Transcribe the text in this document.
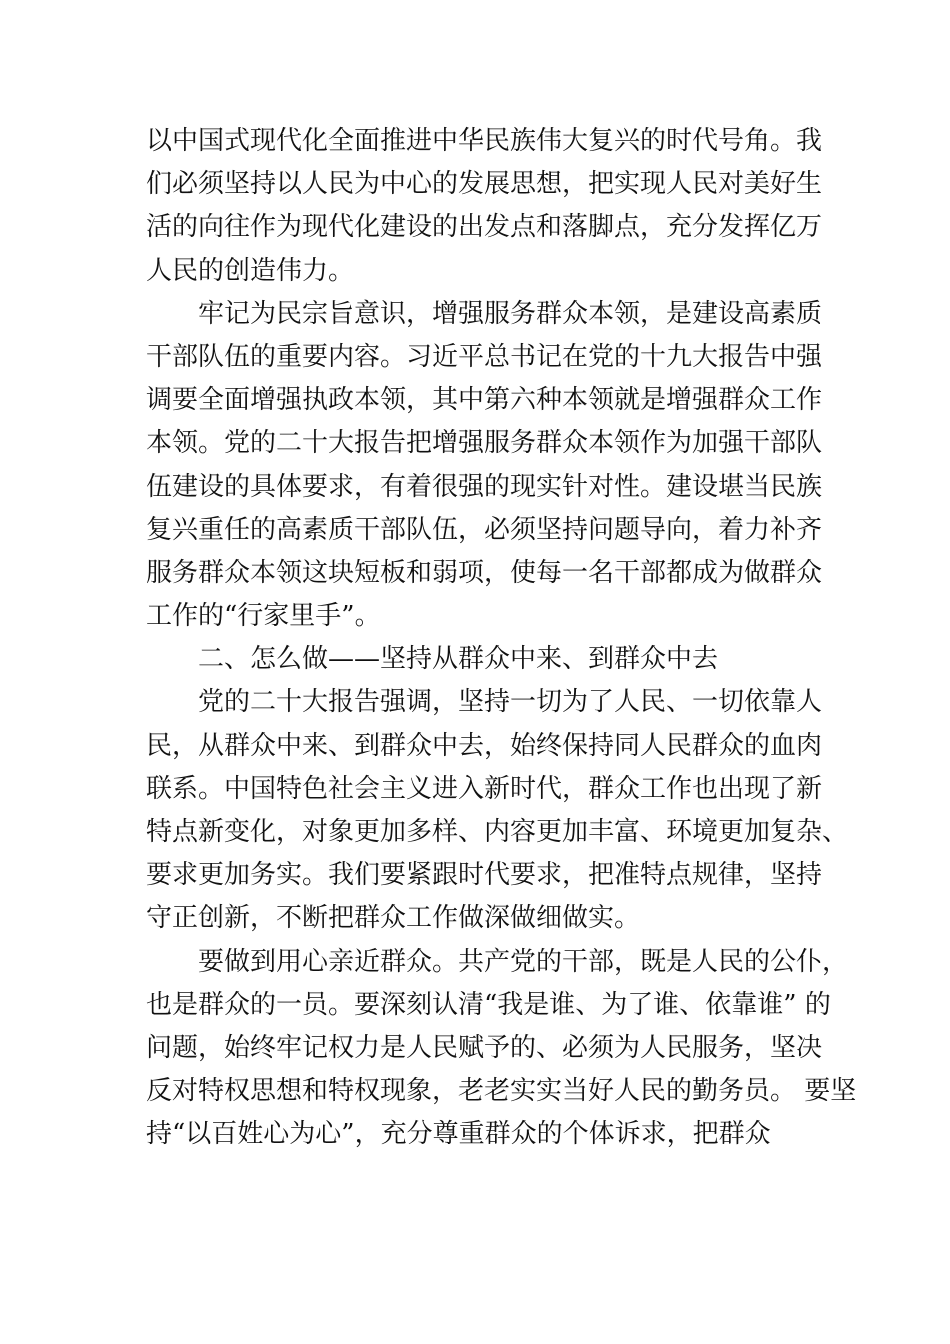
以中国式现代化全面推进中华民族伟大复兴的时代号角。我
们必须坚持以人民为中心的发展思想，把实现人民对美好生
活的向往作为现代化建设的出发点和落脚点，充分发挥亿万
人民的创造伟力。
牢记为民宗旨意识，增强服务群众本领，是建设高素质
干部队伍的重要内容。习近平总书记在党的十九大报告中强
调要全面增强执政本领，其中第六种本领就是增强群众工作
本领。党的二十大报告把增强服务群众本领作为加强干部队
伍建设的具体要求，有着很强的现实针对性。建设堪当民族
复兴重任的高素质干部队伍，必须坚持问题导向，着力补齐
服务群众本领这块短板和弱项，使每一名干部都成为做群众
工作的“行家里手”。
二、怎么做——坚持从群众中来、到群众中去
党的二十大报告强调，坚持一切为了人民、一切依靠人
民，从群众中来、到群众中去，始终保持同人民群众的血肉
联系。中国特色社会主义进入新时代，群众工作也出现了新
特点新变化，对象更加多样、内容更加丰富、环境更加复杂、
要求更加务实。我们要紧跟时代要求，把准特点规律，坚持
守正创新，不断把群众工作做深做细做实。
要做到用心亲近群众。共产党的干部，既是人民的公仆，
也是群众的一员。要深刻认清“我是谁、为了谁、依靠谁” 的
问题，始终牢记权力是人民赋予的、必须为人民服务，坚决
反对特权思想和特权现象，老老实实当好人民的勤务员。 要坚
持“以百姓心为心”，充分尊重群众的个体诉求，把群众
